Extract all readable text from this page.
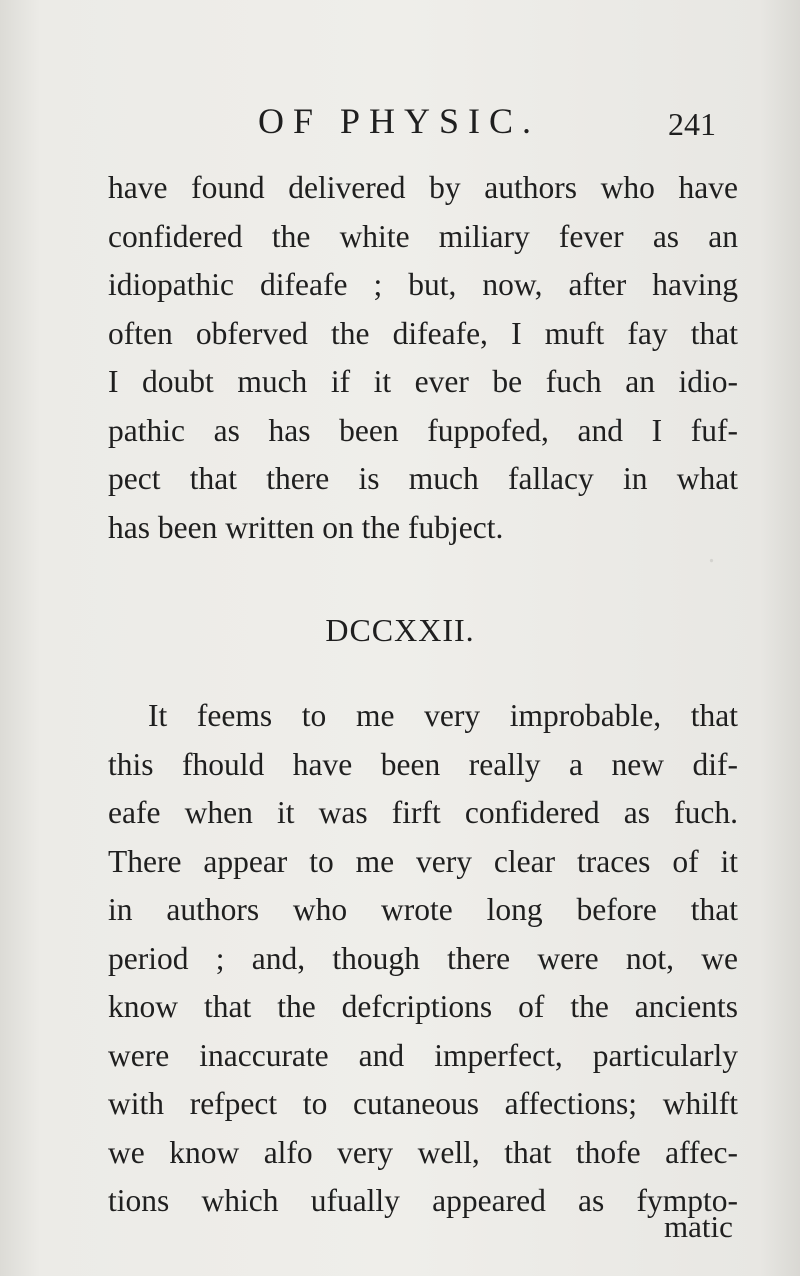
.
OF PHYSIC.	241
have found delivered by authors who have
confidered the white miliary fever as an
idiopathic difeafe ; but, now, after having
often obferved the difeafe, I muft fay that
I doubt much if it ever be fuch an idio-
pathic as has been fuppofed, and I fuf-
pect that there is much fallacy in what
has been written on the fubject.
DCCXXII.
It feems to me very improbable, that
this fhould have been really a new dif-
eafe when it was firft confidered as fuch.
There appear to me very clear traces of it
in authors who wrote long before that
period ; and, though there were not, we
know that the defcriptions of the ancients
were inaccurate and imperfect, particularly
with refpect to cutaneous affections; whilft
we know alfo very well, that thofe affec-
tions which ufually appeared as fympto-
matic
